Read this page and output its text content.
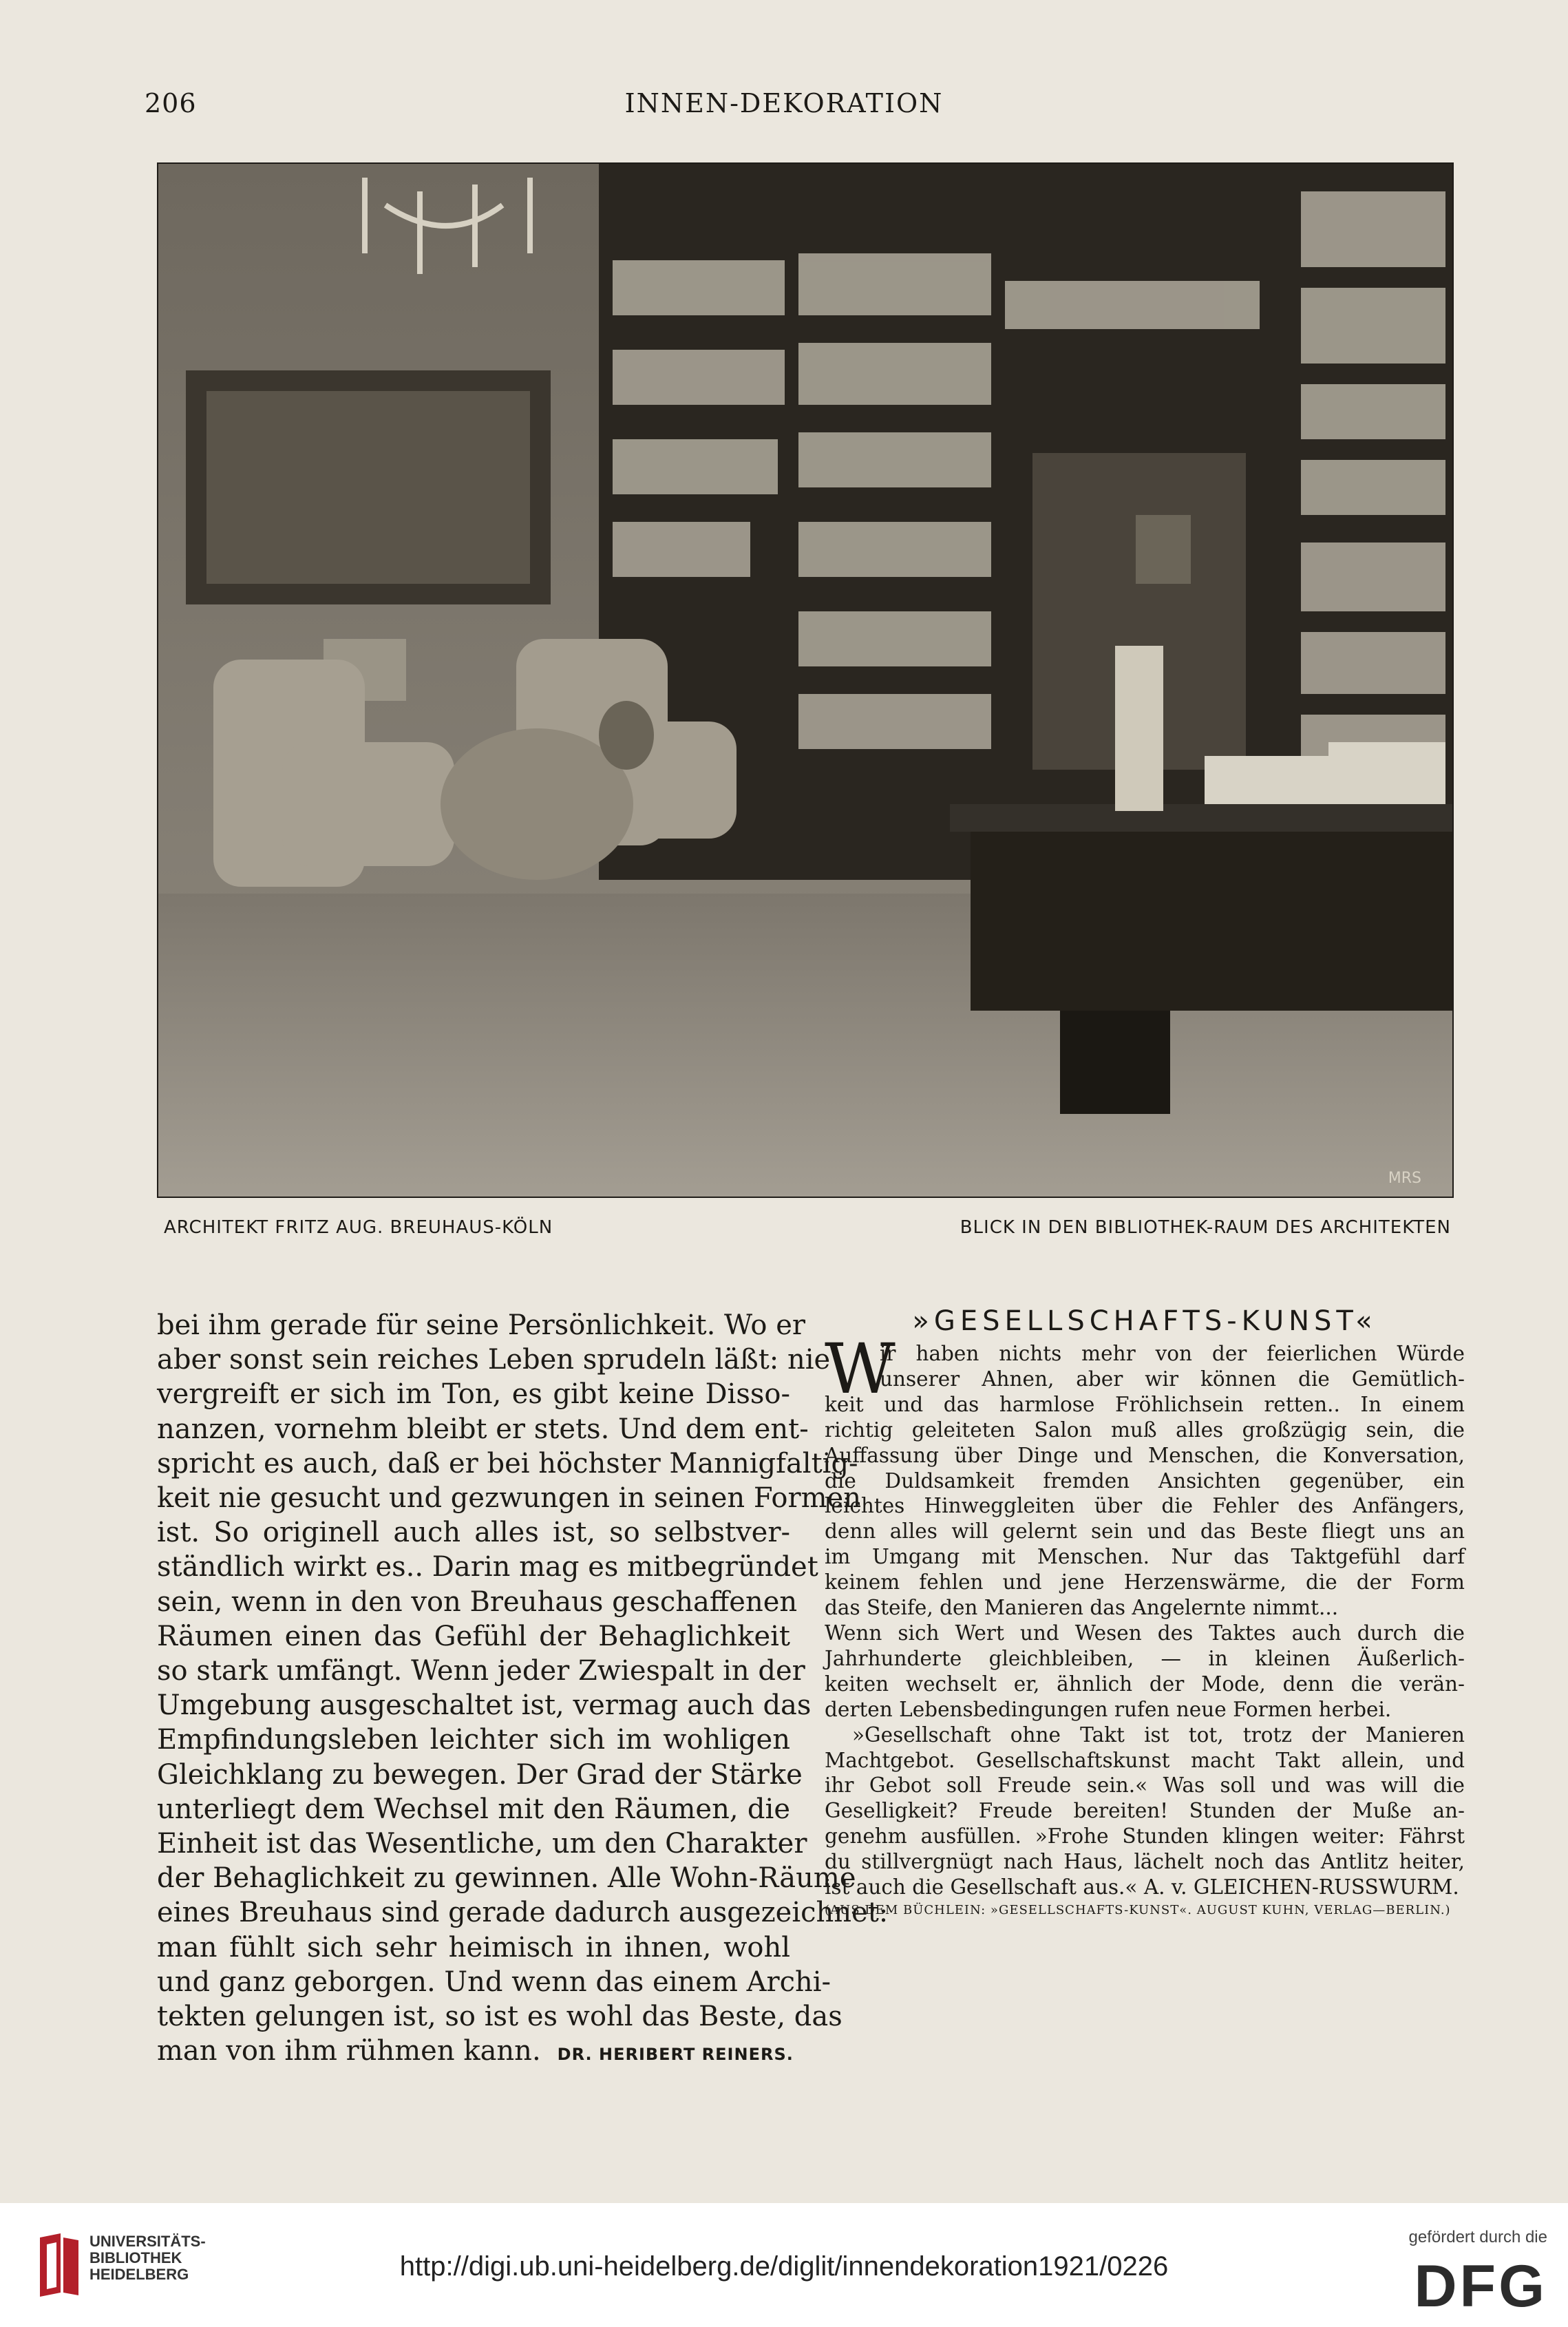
206	INNEN-DEKORATION
MRS
ARCHITEKT FRITZ AUG. BREUHAUS-KÖLN	BLICK IN DEN BIBLIOTHEK-RAUM DES ARCHITEKTEN

bei ihm gerade für seine Persönlichkeit. Wo er

aber sonst sein reiches Leben sprudeln läßt: nie

vergreift er sich im Ton, es gibt keine Disso-

nanzen, vornehm bleibt er stets. Und dem ent-

spricht es auch, daß er bei höchster Mannigfaltig-

keit nie gesucht und gezwungen in seinen Formen

ist. So originell auch alles ist, so selbstver-

ständlich wirkt es.. Darin mag es mitbegründet

sein, wenn in den von Breuhaus geschaffenen

Räumen einen das Gefühl der Behaglichkeit

so stark umfängt. Wenn jeder Zwiespalt in der

Umgebung ausgeschaltet ist, vermag auch das

Empfindungsleben leichter sich im wohligen

Gleichklang zu bewegen. Der Grad der Stärke

unterliegt dem Wechsel mit den Räumen, die

Einheit ist das Wesentliche, um den Charakter

der Behaglichkeit zu gewinnen. Alle Wohn-Räume

eines Breuhaus sind gerade dadurch ausgezeichnet:

man fühlt sich sehr heimisch in ihnen, wohl

und ganz geborgen. Und wenn das einem Archi-

tekten gelungen ist, so ist es wohl das Beste, das

man von ihm rühmen kann. DR. HERIBERT REINERS.

»GESELLSCHAFTS-KUNST«
W

ir haben nichts mehr von der feierlichen Würde

unserer Ahnen, aber wir können die Gemütlich-

keit und das harmlose Fröhlichsein retten.. In einem

richtig geleiteten Salon muß alles großzügig sein, die

Auffassung über Dinge und Menschen, die Konversation,

die Duldsamkeit fremden Ansichten gegenüber, ein

leichtes Hinweggleiten über die Fehler des Anfängers,

denn alles will gelernt sein und das Beste fliegt uns an

im Umgang mit Menschen. Nur das Taktgefühl darf

keinem fehlen und jene Herzenswärme, die der Form

das Steife, den Manieren das Angelernte nimmt...

Wenn sich Wert und Wesen des Taktes auch durch die

Jahrhunderte gleichbleiben, — in kleinen Äußerlich-

keiten wechselt er, ähnlich der Mode, denn die verän-

derten Lebensbedingungen rufen neue Formen herbei.

»Gesellschaft ohne Takt ist tot, trotz der Manieren

Machtgebot. Gesellschaftskunst macht Takt allein, und

ihr Gebot soll Freude sein.« Was soll und was will die

Geselligkeit? Freude bereiten! Stunden der Muße an-

genehm ausfüllen. »Frohe Stunden klingen weiter: Fährst

du stillvergnügt nach Haus, lächelt noch das Antlitz heiter,

ist auch die Gesellschaft aus.« A. v. GLEICHEN-RUSSWURM.

(AUS DEM BÜCHLEIN: »GESELLSCHAFTS-KUNST«. AUGUST KUHN, VERLAG—BERLIN.)
UNIVERSITÄTS-
BIBLIOTHEK
HEIDELBERG	http://digi.ub.uni-heidelberg.de/diglit/innendekoration1921/0226
gefördert durch die
DFG
